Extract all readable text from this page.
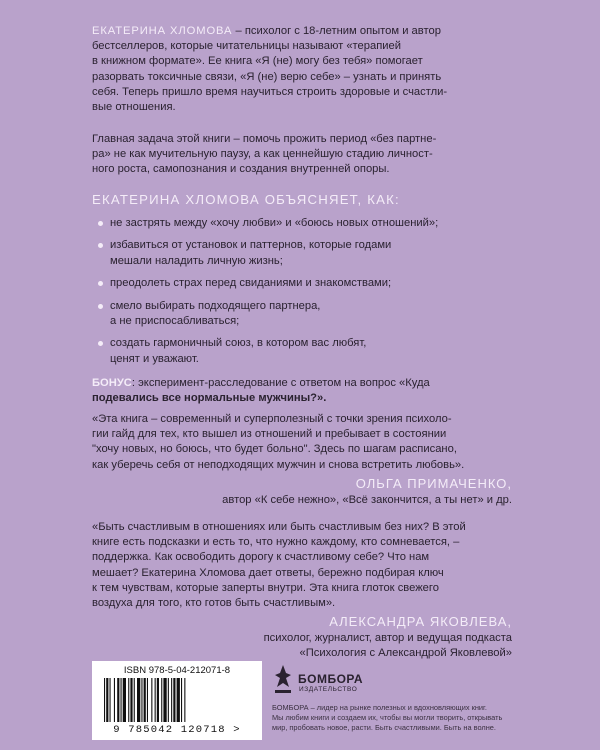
ЕКАТЕРИНА ХЛОМОВА – психолог с 18-летним опытом и автор
бестселлеров, которые читательницы называют «терапией
в книжном формате». Ее книга «Я (не) могу без тебя» помогает
разорвать токсичные связи, «Я (не) верю себе» – узнать и принять
себя. Теперь пришло время научиться строить здоровые и счастли-
вые отношения.
Главная задача этой книги – помочь прожить период «без партне-
ра» не как мучительную паузу, а как ценнейшую стадию личност-
ного роста, самопознания и создания внутренней опоры.
ЕКАТЕРИНА ХЛОМОВА ОБЪЯСНЯЕТ, КАК:
не застрять между «хочу любви» и «боюсь новых отношений»;
избавиться от установок и паттернов, которые годами
мешали наладить личную жизнь;
преодолеть страх перед свиданиями и знакомствами;
смело выбирать подходящего партнера,
а не приспосабливаться;
создать гармоничный союз, в котором вас любят,
ценят и уважают.
БОНУС: эксперимент-расследование с ответом на вопрос «Куда
подевались все нормальные мужчины?».
«Эта книга – современный и суперполезный с точки зрения психоло-
гии гайд для тех, кто вышел из отношений и пребывает в состоянии
"хочу новых, но боюсь, что будет больно". Здесь по шагам расписано,
как уберечь себя от неподходящих мужчин и снова встретить любовь».
ОЛЬГА ПРИМАЧЕНКО,
автор «К себе нежно», «Всё закончится, а ты нет» и др.
«Быть счастливым в отношениях или быть счастливым без них? В этой
книге есть подсказки и есть то, что нужно каждому, кто сомневается, –
поддержка. Как освободить дорогу к счастливому себе? Что нам
мешает? Екатерина Хломова дает ответы, бережно подбирая ключ
к тем чувствам, которые заперты внутри. Эта книга глоток свежего
воздуха для того, кто готов быть счастливым».
АЛЕКСАНДРА ЯКОВЛЕВА,
психолог, журналист, автор и ведущая подкаста
«Психология с Александрой Яковлевой»
ISBN 978-5-04-212071-8
9 785042 120718 >
БОМБОРА
ИЗДАТЕЛЬСТВО
БОМБОРА – лидер на рынке полезных и вдохновляющих книг.
Мы любим книги и создаем их, чтобы вы могли творить, открывать
мир, пробовать новое, расти. Быть счастливыми. Быть на волне.
